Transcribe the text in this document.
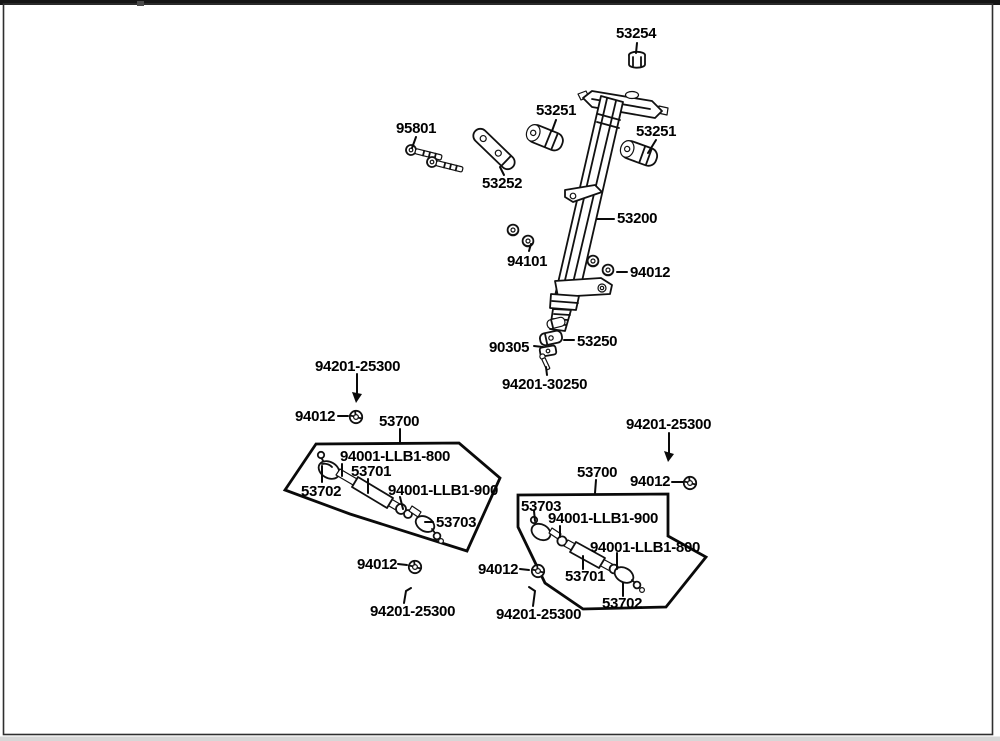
53254
95801
53251
53251
53252
53200
94101
94012
90305	53250
94201-30250
94201-25300
94012	53700
94001-LLB1-800
53701
53702	94001-LLB1-900
53703
94201-25300
53700
94012
53703
94001-LLB1-900
94001-LLB1-800
53701
53702
94012
94201-25300
94012
94201-25300
